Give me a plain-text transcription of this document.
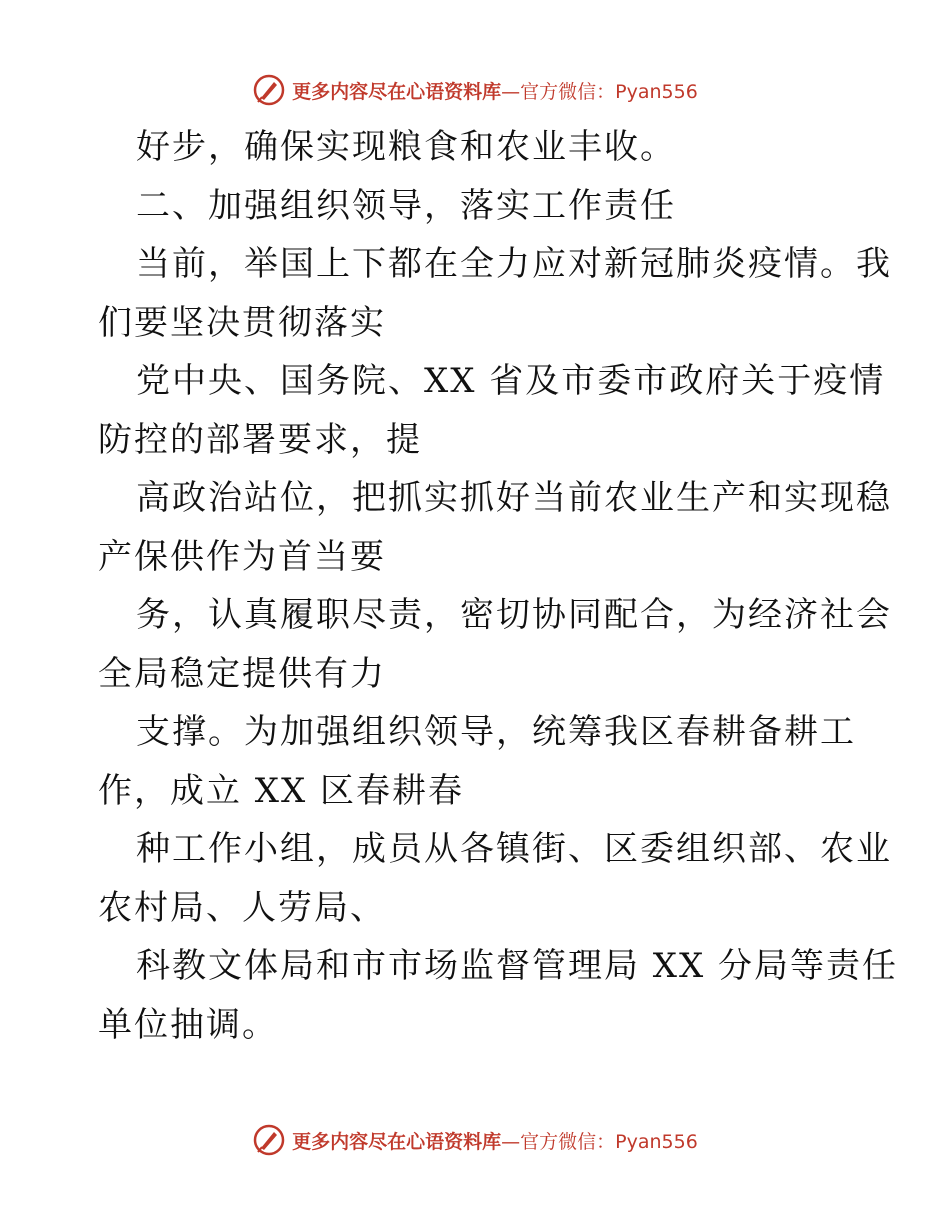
更多内容尽在心语资料库 —官方微信：Pyan556
好步，确保实现粮食和农业丰收。
二、加强组织领导，落实工作责任
当前，举国上下都在全力应对新冠肺炎疫情。我
们要坚决贯彻落实
党中央、国务院、XX 省及市委市政府关于疫情
防控的部署要求，提
高政治站位，把抓实抓好当前农业生产和实现稳
产保供作为首当要
务，认真履职尽责，密切协同配合，为经济社会
全局稳定提供有力
支撑。为加强组织领导，统筹我区春耕备耕工
作，成立 XX 区春耕春
种工作小组，成员从各镇街、区委组织部、农业
农村局、人劳局、
科教文体局和市市场监督管理局 XX 分局等责任
单位抽调。
更多内容尽在心语资料库 —官方微信：Pyan556
